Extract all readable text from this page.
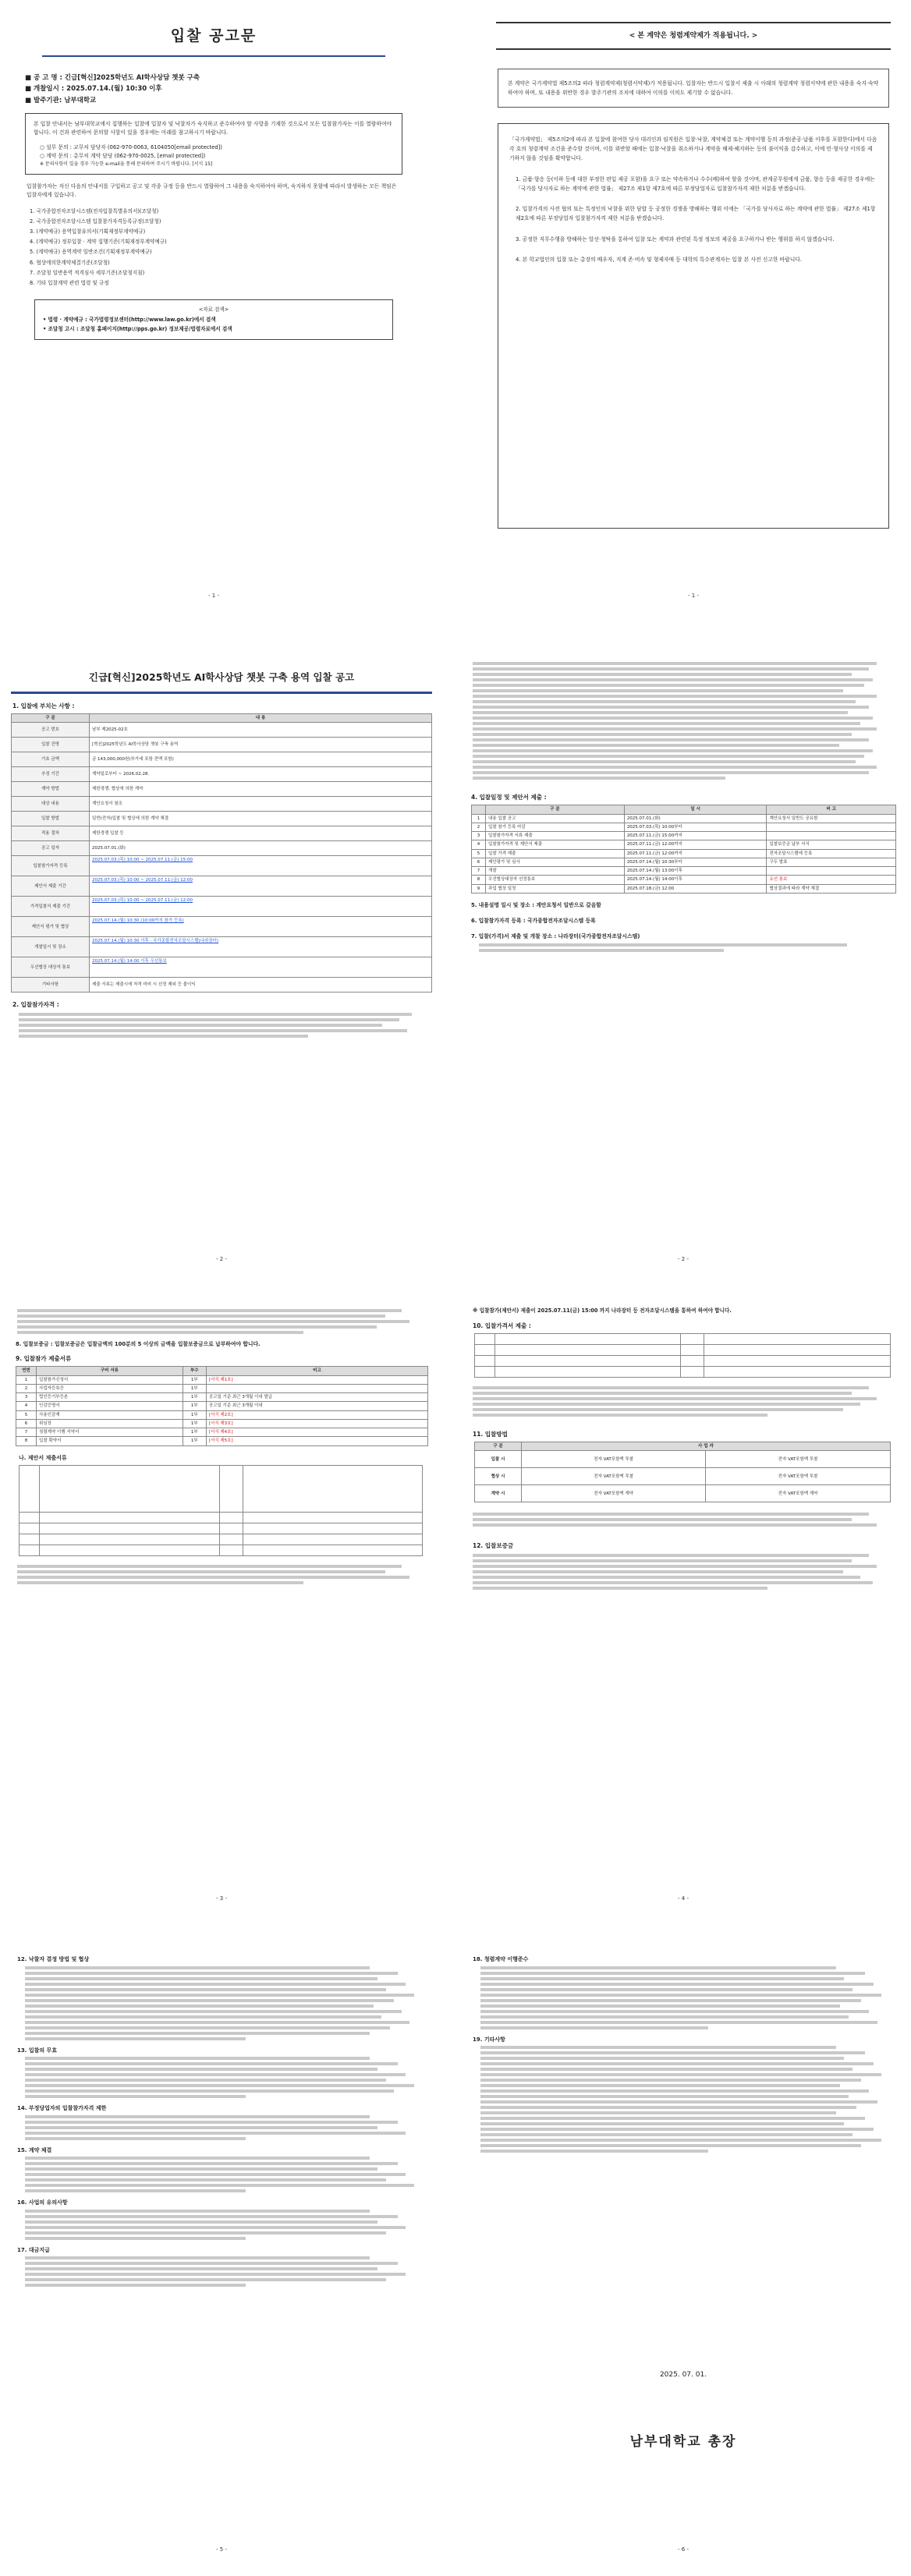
입찰 공고문
■ 공 고 명 : 긴급[혁신]2025학년도 AI학사상담 챗봇 구축
■ 개찰일시 : 2025.07.14.(월) 10:30 이후
■ 발주기관: 남부대학교
본 입찰 안내서는 남부대학교에서 집행하는 입찰에 입찰자 및 낙찰자가 숙지하고 준수하여야 할 사항을 기재한 것으로서 모든 입찰참가자는 이를 열람하여야 합니다. 이 건과 관련하여 문의할 사항이 있을 경우에는 아래를 참고하시기 바랍니다.
○ 설무 문의 : 교무처 담당자 (062-970-0063, 6104050[email protected])
○ 계약 문의 : 총무처 계약 담당 (062-970-0025, [email protected])
※ 문의사항이 있을 경우 가능한 e-mail을 통해 문의하여 주시기 바랍니다. [서식 15]
입찰참가자는 자신 다음의 안내서를 구입하고 공고 및 각종 규정 등을 반드시 열람하여 그 내용을 숙지하여야 하며, 숙지하지 못함에 따라서 발생하는 모든 책임은 입찰자에게 있습니다.
1. 국가종합전자조달시스템(전자입찰특별유의서)(조달청)
2. 국가종합전자조달시스템 입찰참가자격등록규정(조달청)
3. (계약예규) 용역입찰유의서(기획재정부계약예규)
4. (계약예규) 정부입찰 · 계약 집행기준(기획재정부계약예규)
5. (계약예규) 용역계약 일반조건(기획재정부계약예규)
6. 협상에의한계약체결기준(조달청)
7. 조달청 일반용역 적격심사 세부기준(조달청지침)
8. 기타 입찰계약 관련 법령 및 규정
<자료 검색>
• 법령 · 계약예규 : 국가법령정보센터(http://www.law.go.kr)에서 검색
• 조달청 고시 : 조달청 홈페이지(http://pps.go.kr) 정보제공/법령자료에서 검색
- 1 -
< 본 계약은 청렴계약제가 적용됩니다. >
본 계약은 국가계약법 제5조의2 따라 청렴계약제(청렴서약제)가 적용됩니다. 입찰자는 반드시 입찰서 제출 시 아래의 청렴계약 청렴서약에 관한 내용을 숙지·숙약하여야 하며, 또 내용을 위반한 경우 발주기관의 조치에 대하여 이의를 이의도 제기할 수 없습니다.
「국가계약법」 제5조의2에 따라 본 입찰에 참여한 당사 대리인과 임직원은 입찰·낙찰, 계약체결 또는 계약이행 등의 과정(준공·납품 이후를 포함한다)에서 다음 각 호의 청렴계약 조건을 준수할 것이며, 이를 위반할 때에는 입찰·낙찰을 취소하거나 계약을 해제·해지하는 등의 불이익을 감수하고, 이에 민·형사상 이의를 제기하지 않을 것임을 확약합니다.
1. 금품·향응 등(이하 등에 대한 부정한 편입 제공 포함)을 요구 또는 약속하거나 수수(배)하여 할을 것이며, 관계공무원에게 금품, 향응 등을 제공한 경우에는 「국가를 당사자로 하는 계약에 관한 법률」 제27조 제1항 제7호에 따른 부정당업자로 입찰참가자격 제한 처분을 받겠습니다.
2. 입찰가격의 사전 협의 또는 특정인의 낙찰을 위한 담합 등 공정한 경쟁을 방해하는 행위 이에는 「국가를 당사자로 하는 계약에 관한 법률」 제27조 제1항 제2호에 따른 부정당업자 입찰참가자격 제한 처분을 받겠습니다.
3. 공정한 직무수행을 방해하는 알선·청탁을 통하여 입찰 또는 계약과 관련된 특정 정보의 제공을 요구하거나 받는 행위를 하지 않겠습니다.
4. 본 학교법인의 입찰 또는 총장의 배우자, 직계 존·비속 및 형제자매 등 대학의 특수관계자는 입찰 본 사전 신고한 바랍니다.
- 1 -
긴급[혁신]2025학년도 AI학사상담 챗봇 구축 용역 입찰 공고
1. 입찰에 부치는 사항 :
구 분	내 용
공고 번호	남부 제2025-02호
입찰 건명	[혁신]2025학년도 AI학사상담 챗봇 구축 용역
기초 금액	금 143,000,000원(부가세 포함 전액 포함)
추정 기간	계약일로부터 ~ 2026.02.28.
계약 방법	제한경쟁, 협상에 의한 계약
대상 내용	계안요청서 참조
입찰 방법	일반(전자)입찰 및 협상에 의한 계약 체결
적용 절차	제한경쟁 입찰 등
공고 일자	2025.07.01.(화)
입찰참가자격 등록	2025.07.03.(목) 10:00 ~ 2025.07.11.(금) 15:00
제안서 제출 기간	2025.07.03.(목) 10:00 ~ 2025.07.11.(금) 12:00
가격입찰서 제출 기간	2025.07.03.(목) 10:00 ~ 2025.07.11.(금) 12:00
제안서 평가 및 협상	2025.07.14.(월) 10:30 (10:00까지 참가 등록)
개찰일시 및 장소	2025.07.14.(월) 10:30 이후 · 국가종합전자조달시스템(나라장터)
우선협상 대상자 통보	2025.07.14.(월) 14:00 이후 우선통보
기타사항	제출 서류는 제출시에 자격 미비 시 선정 제외 등 불이익
2. 입찰참가자격 :
- 2 -
4. 입찰일정 및 제안서 제출 :
	구 분	일 시	비 고
1	내용 입찰 공고	2025.07.01.(화)	계안요청서 일반도 공유함
2	입찰 참가 등록 마감	2025.07.03.(목) 10:00부터	
3	입찰참가자격 서류 제출	2025.07.11.(금) 15:00까지	
4	입찰참가자격 및 제안서 제출	2025.07.11.(금) 12:00까지	입찰보증금 납부 서식
5	입찰 가격 제출	2025.07.11.(금) 12:00까지	전자조달시스템에 등록
6	제안평가 및 심사	2025.07.14.(월) 10:30부터	구두 발표
7	개찰	2025.07.14.(월) 13:00이후	
8	우선협상대상자 선정통보	2025.07.14.(월) 14:00이후	유선 통보
9	과업 협상 일정	2025.07.18.(금) 12:00	협상결과에 따라 계약 체결
5. 내용설명 일시 및 장소 : 계안요청서 일반으로 갈음함
6. 입찰참가자격 등록 : 국가종합전자조달시스템 등록
7. 입찰(가격)서 제출 및 개찰 장소 : 나라장터(국가종합전자조달시스템)
- 2 -
8. 입찰보증금 : 입찰보증금은 입찰금액의 100분의 5 이상의 금액을 입찰보증금으로 납부하여야 합니다.
9. 입찰참가 제출서류
연번	구비 서류	부수	비고
1	입찰참가신청서	1부	[서식 제1호]
2	사업자등록증	1부	
3	법인등기부등본	1부	공고일 기준 최근 3개월 이내 발급
4	인감증명서	1부	공고일 기준 최근 3개월 이내
5	사용인감계	1부	[서식 제2호]
6	위임장	1부	[서식 제3호]
7	청렴계약 이행 서약서	1부	[서식 제4호]
8	입찰 확약서	1부	[서식 제5호]
나. 제안서 제출서류

- 3 -
※ 입찰참가(제안서) 제출이 2025.07.11(금) 15:00 까지 나라장터 등 전자조달시스템을 통하여 하여야 합니다.
10. 입찰가격서 제출 :

11. 입찰방법
구 분	사 업 자	
입찰 시	전자 VAT포함액 투찰	전자 VAT포함액 투찰
협상 시	전자 VAT포함액 투찰	전자 VAT포함액 투찰
계약 시	전자 VAT포함액 계약	전자 VAT포함액 계약
12. 입찰보증금
- 4 -
12. 낙찰자 결정 방법 및 협상
13. 입찰의 무효
14. 부정당업자의 입찰참가자격 제한
15. 계약 체결
16. 사업의 유의사항
17. 대금지급
- 5 -
18. 청렴계약 이행준수
19. 기타사항
2025. 07. 01.
남부대학교 총장
- 6 -
